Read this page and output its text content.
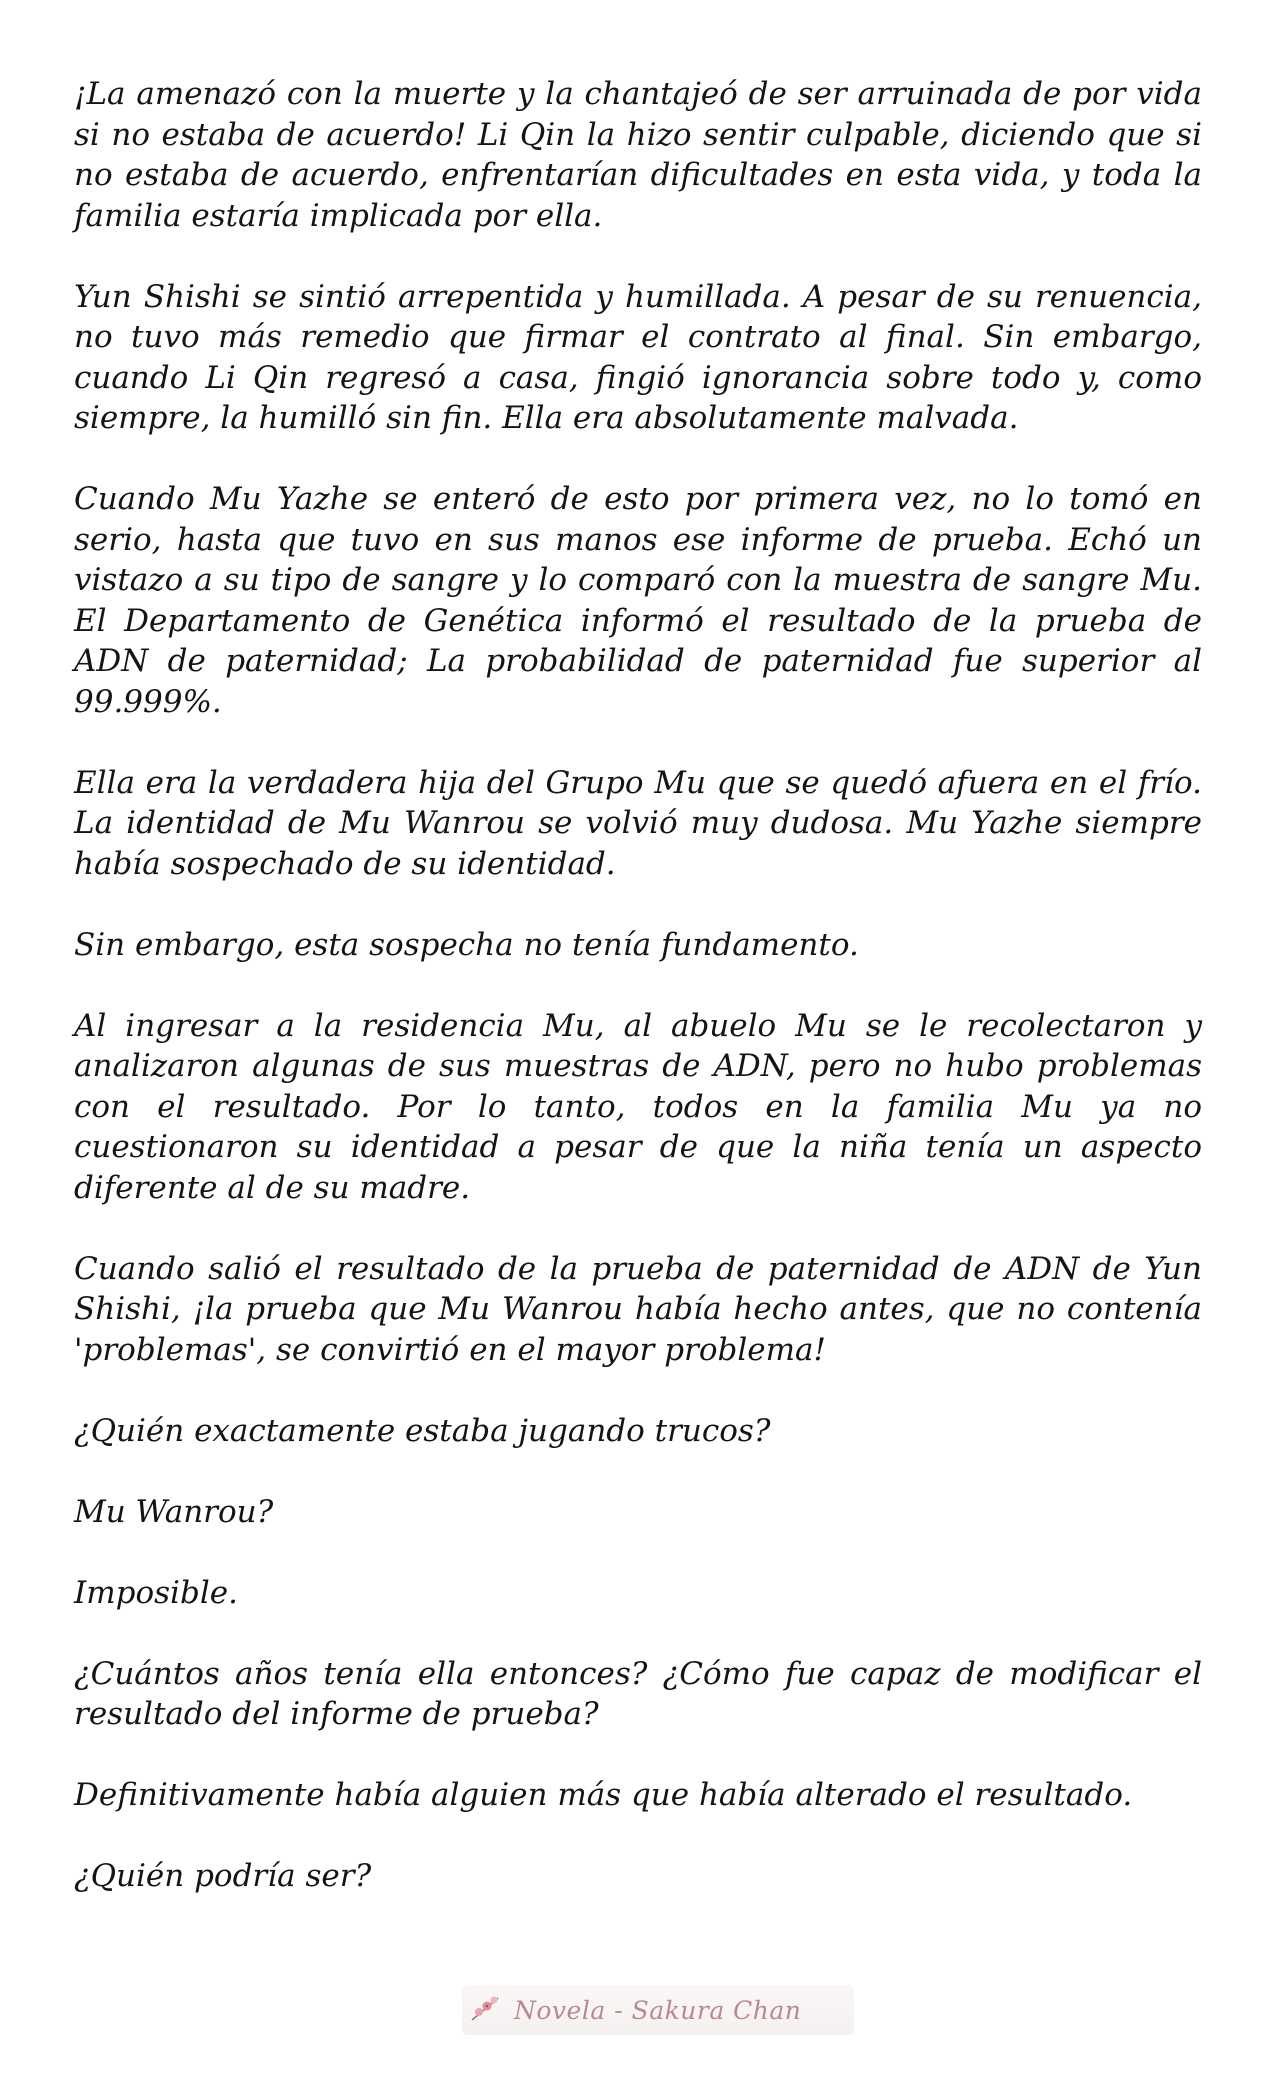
¡La amenazó con la muerte y la chantajeó de ser arruinada de por vida si no estaba de acuerdo! Li Qin la hizo sentir culpable, diciendo que si no estaba de acuerdo, enfrentarían dificultades en esta vida, y toda la familia estaría implicada por ella.

Yun Shishi se sintió arrepentida y humillada. A pesar de su renuencia, no tuvo más remedio que firmar el contrato al final. Sin embargo, cuando Li Qin regresó a casa, fingió ignorancia sobre todo y, como siempre, la humilló sin fin. Ella era absolutamente malvada.

Cuando Mu Yazhe se enteró de esto por primera vez, no lo tomó en serio, hasta que tuvo en sus manos ese informe de prueba. Echó un vistazo a su tipo de sangre y lo comparó con la muestra de sangre Mu. El Departamento de Genética informó el resultado de la prueba de ADN de paternidad; La probabilidad de paternidad fue superior al 99.999%.

Ella era la verdadera hija del Grupo Mu que se quedó afuera en el frío. La identidad de Mu Wanrou se volvió muy dudosa. Mu Yazhe siempre había sospechado de su identidad.

Sin embargo, esta sospecha no tenía fundamento.

Al ingresar a la residencia Mu, al abuelo Mu se le recolectaron y analizaron algunas de sus muestras de ADN, pero no hubo problemas con el resultado. Por lo tanto, todos en la familia Mu ya no cuestionaron su identidad a pesar de que la niña tenía un aspecto diferente al de su madre.

Cuando salió el resultado de la prueba de paternidad de ADN de Yun Shishi, ¡la prueba que Mu Wanrou había hecho antes, que no contenía 'problemas', se convirtió en el mayor problema!

¿Quién exactamente estaba jugando trucos?

Mu Wanrou?

Imposible.

¿Cuántos años tenía ella entonces? ¿Cómo fue capaz de modificar el resultado del informe de prueba?

Definitivamente había alguien más que había alterado el resultado.

¿Quién podría ser?

Novela - Sakura Chan
